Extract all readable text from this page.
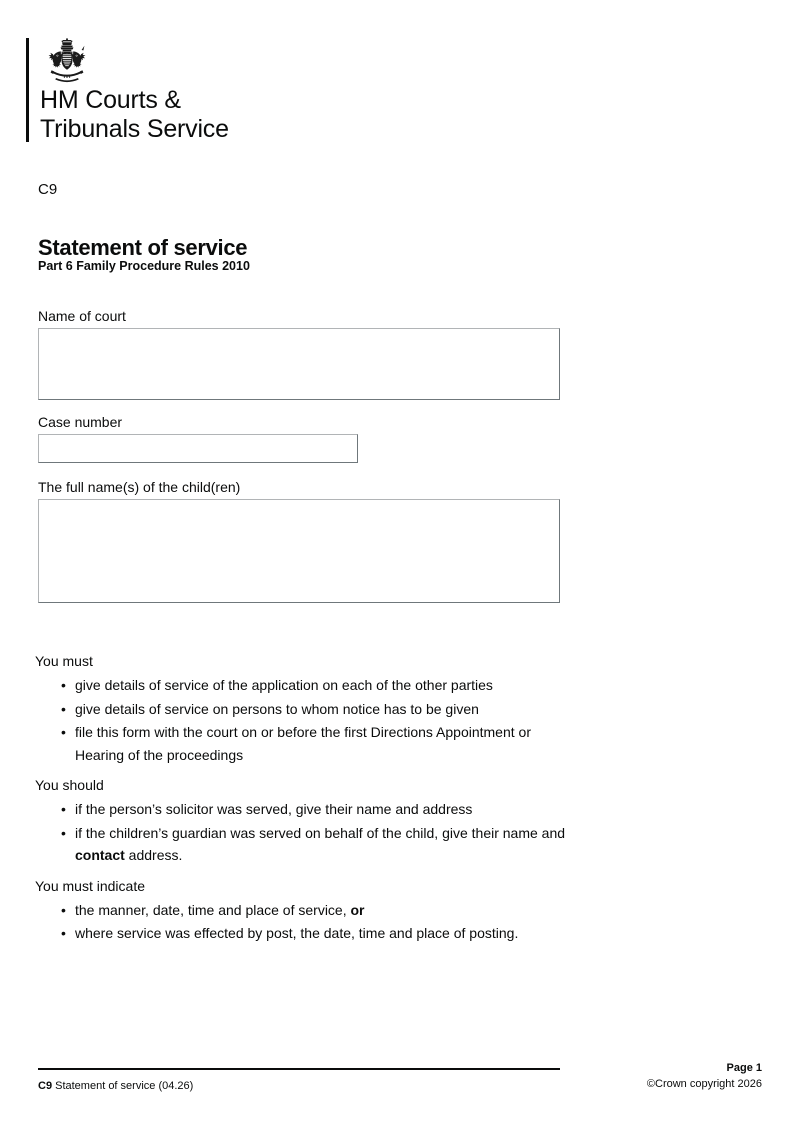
HM Courts &
Tribunals Service
C9
Statement of service
Part 6 Family Procedure Rules 2010
Name of court
Case number
The full name(s) of the child(ren)

You must

• give details of service of the application on each of the other parties
• give details of service on persons to whom notice has to be given
• file this form with the court on or before the first Directions Appointment or Hearing of the proceedings

You should

• if the person’s solicitor was served, give their name and address
• if the children’s guardian was served on behalf of the child, give their name and contact address.

You must indicate

• the manner, date, time and place of service, or
• where service was effected by post, the date, time and place of posting.
C9 Statement of service (04.26)
Page 1
©Crown copyright 2026
